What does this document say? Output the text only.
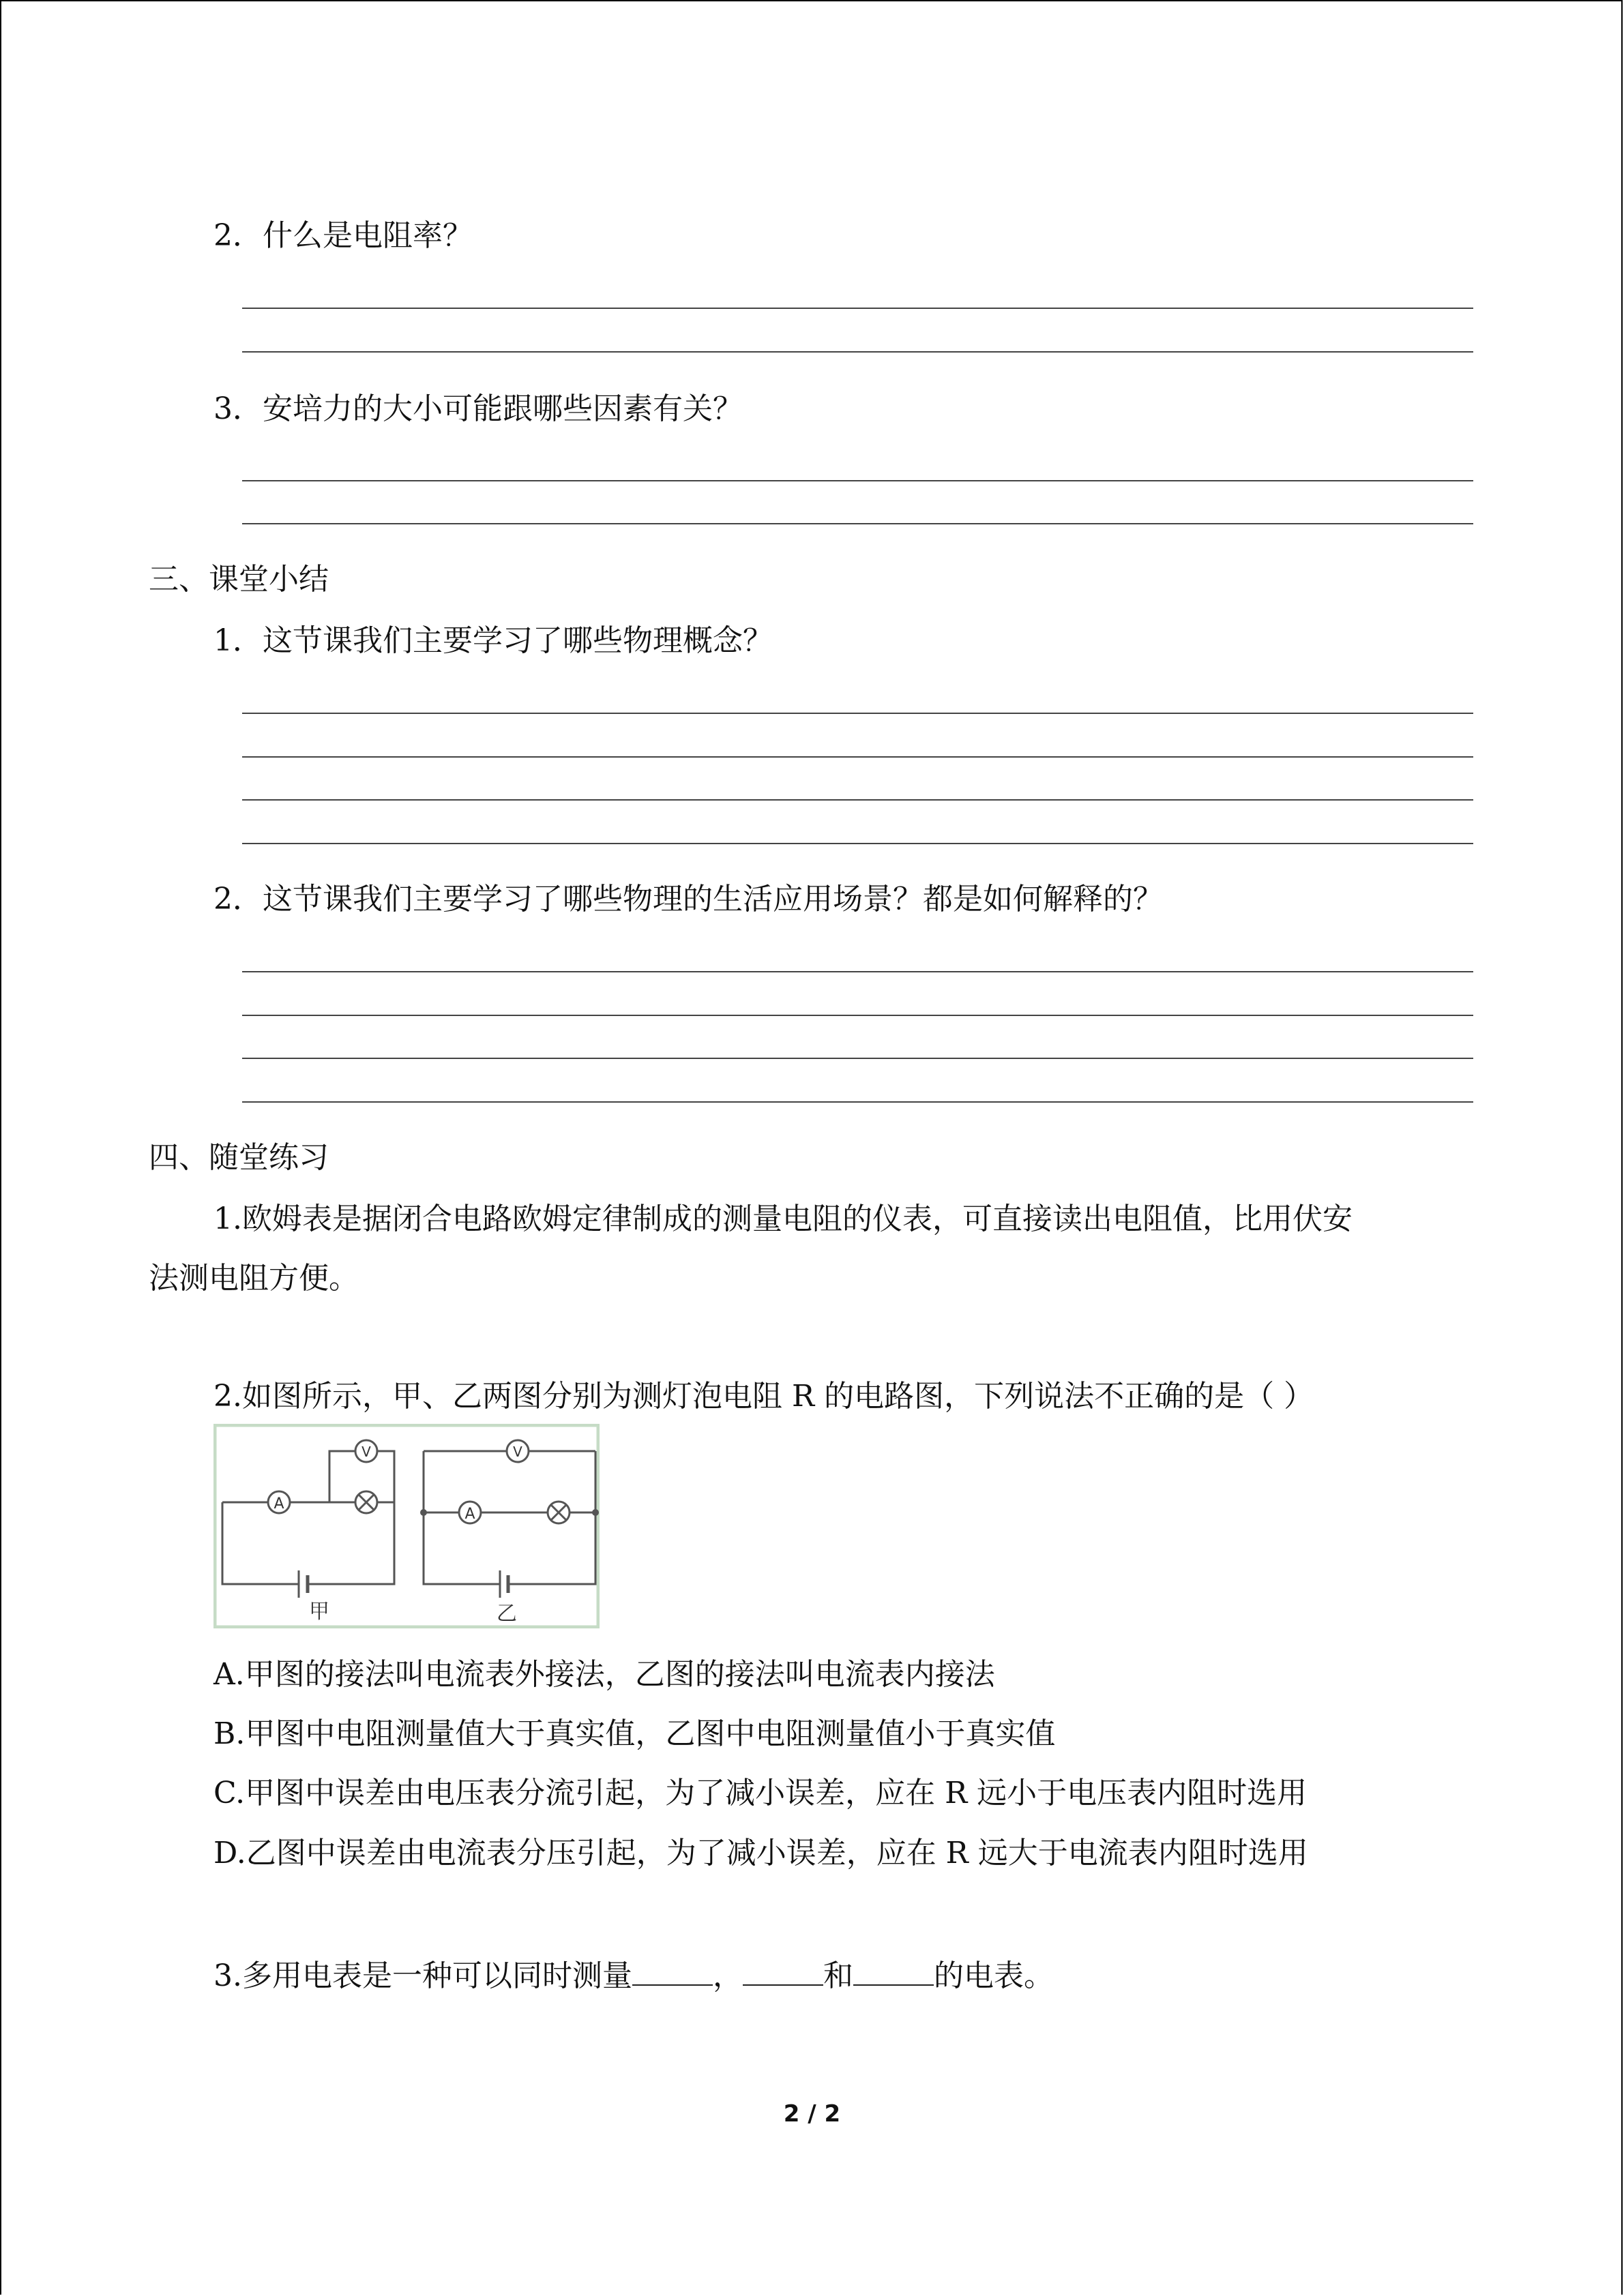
2．什么是电阻率？
3．安培力的大小可能跟哪些因素有关？
三、课堂小结
1．这节课我们主要学习了哪些物理概念？
2．这节课我们主要学习了哪些物理的生活应用场景？都是如何解释的？
四、随堂练习
1.欧姆表是据闭合电路欧姆定律制成的测量电阻的仪表，可直接读出电阻值，比用伏安
法测电阻方便。
2.如图所示，甲、乙两图分别为测灯泡电阻 R 的电路图，下列说法不正确的是（ ）
A
V
甲
V
A
乙
A.甲图的接法叫电流表外接法，乙图的接法叫电流表内接法
B.甲图中电阻测量值大于真实值，乙图中电阻测量值小于真实值
C.甲图中误差由电压表分流引起，为了减小误差，应在 R 远小于电压表内阻时选用
D.乙图中误差由电流表分压引起，为了减小误差，应在 R 远大于电流表内阻时选用
3.多用电表是一种可以同时测量	，	和	的电表。
2 / 2
